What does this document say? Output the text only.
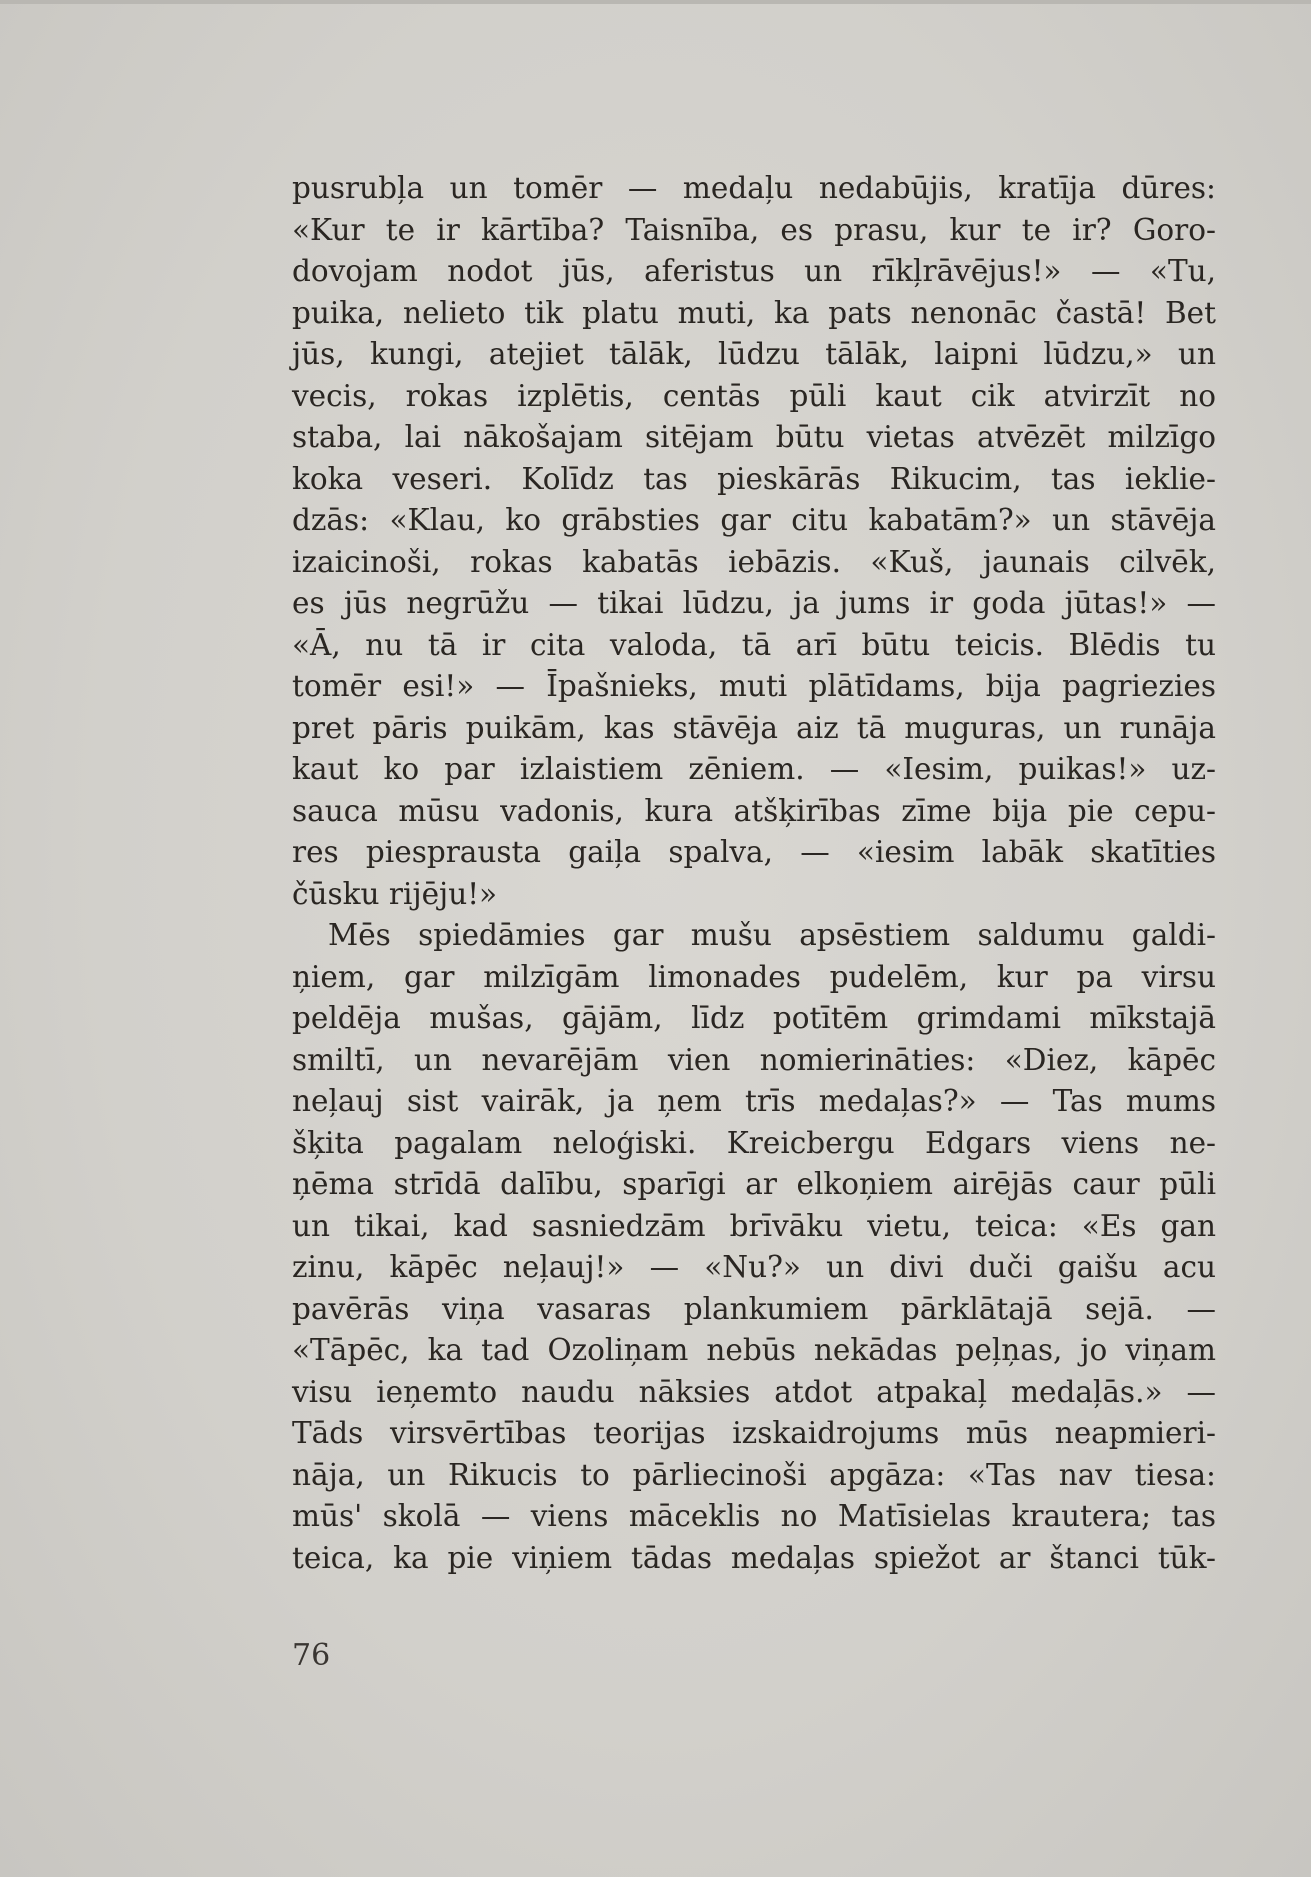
pusrubļa un tomēr — medaļu nedabūjis, kratīja dūres:
«Kur te ir kārtība? Taisnība, es prasu, kur te ir? Goro-
dovojam nodot jūs, aferistus un rīkļrāvējus!» — «Tu,
puika, nelieto tik platu muti, ka pats nenonāc častā! Bet
jūs, kungi, atejiet tālāk, lūdzu tālāk, laipni lūdzu,» un
vecis, rokas izplētis, centās pūli kaut cik atvirzīt no
staba, lai nākošajam sitējam būtu vietas atvēzēt milzīgo
koka veseri. Kolīdz tas pieskārās Rikucim, tas ieklie-
dzās: «Klau, ko grābsties gar citu kabatām?» un stāvēja
izaicinoši, rokas kabatās iebāzis. «Kuš, jaunais cilvēk,
es jūs negrūžu — tikai lūdzu, ja jums ir goda jūtas!» —
«Ā, nu tā ir cita valoda, tā arī būtu teicis. Blēdis tu
tomēr esi!» — Īpašnieks, muti plātīdams, bija pagriezies
pret pāris puikām, kas stāvēja aiz tā muguras, un runāja
kaut ko par izlaistiem zēniem. — «Iesim, puikas!» uz-
sauca mūsu vadonis, kura atšķirības zīme bija pie cepu-
res piesprausta gaiļa spalva, — «iesim labāk skatīties
čūsku rijēju!»
Mēs spiedāmies gar mušu apsēstiem saldumu galdi-
ņiem, gar milzīgām limonades pudelēm, kur pa virsu
peldēja mušas, gājām, līdz potītēm grimdami mīkstajā
smiltī, un nevarējām vien nomierināties: «Diez, kāpēc
neļauj sist vairāk, ja ņem trīs medaļas?» — Tas mums
šķita pagalam neloģiski. Kreicbergu Edgars viens ne-
ņēma strīdā dalību, sparīgi ar elkoņiem airējās caur pūli
un tikai, kad sasniedzām brīvāku vietu, teica: «Es gan
zinu, kāpēc neļauj!» — «Nu?» un divi duči gaišu acu
pavērās viņa vasaras plankumiem pārklātajā sejā. —
«Tāpēc, ka tad Ozoliņam nebūs nekādas peļņas, jo viņam
visu ieņemto naudu nāksies atdot atpakaļ medaļās.» —
Tāds virsvērtības teorijas izskaidrojums mūs neapmieri-
nāja, un Rikucis to pārliecinoši apgāza: «Tas nav tiesa:
mūs' skolā — viens māceklis no Matīsielas krautera; tas
teica, ka pie viņiem tādas medaļas spiežot ar štanci tūk-
76
